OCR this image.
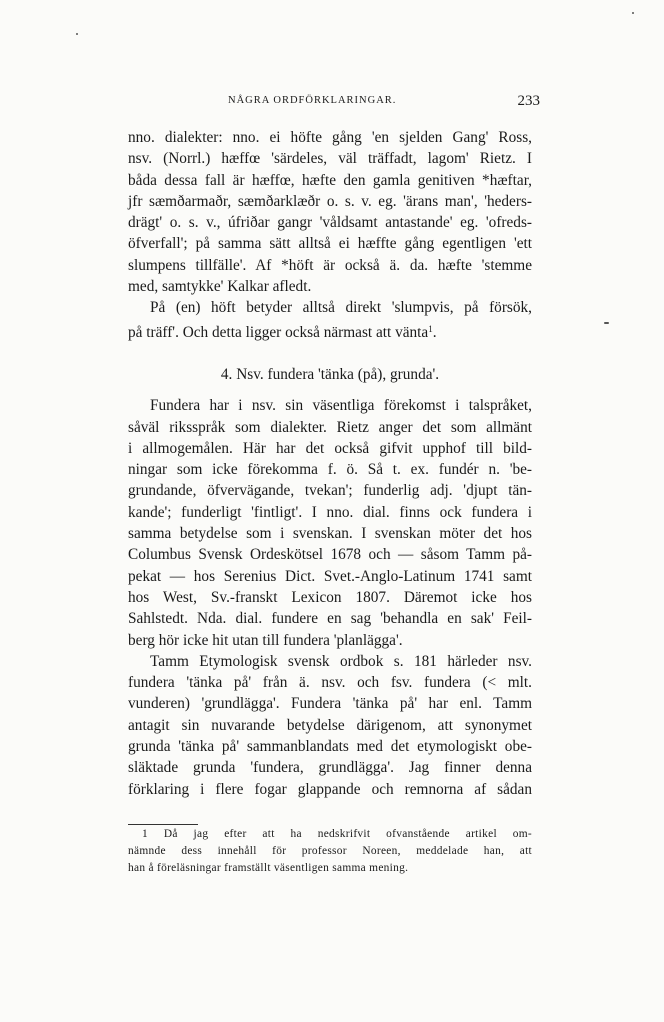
NÅGRA ORDFÖRKLARINGAR.	233
nno. dialekter: nno. ei höfte gång 'en sjelden Gang' Ross,
nsv. (Norrl.) hæffœ 'särdeles, väl träffadt, lagom' Rietz. I
båda dessa fall är hæffœ, hæfte den gamla genitiven *hæftar,
jfr sæmðarmaðr, sæmðarklæðr o. s. v. eg. 'ärans man', 'heders-
drägt' o. s. v., úfriðar gangr 'våldsamt antastande' eg. 'ofreds-
öfverfall'; på samma sätt alltså ei hæffte gång egentligen 'ett
slumpens tillfälle'. Af *höft är också ä. da. hæfte 'stemme
med, samtykke' Kalkar afledt.
På (en) höft betyder alltså direkt 'slumpvis, på försök,
på träff'. Och detta ligger också närmast att vänta$^1$.
4. Nsv. fundera 'tänka (på), grunda'.
Fundera har i nsv. sin väsentliga förekomst i talspråket,
såväl riksspråk som dialekter. Rietz anger det som allmänt
i allmogemålen. Här har det också gifvit upphof till bild-
ningar som icke förekomma f. ö. Så t. ex. fundér n. 'be-
grundande, öfvervägande, tvekan'; funderlig adj. 'djupt tän-
kande'; funderligt 'fintligt'. I nno. dial. finns ock fundera i
samma betydelse som i svenskan. I svenskan möter det hos
Columbus Svensk Ordeskötsel 1678 och — såsom Tamm på-
pekat — hos Serenius Dict. Svet.-Anglo-Latinum 1741 samt
hos West, Sv.-franskt Lexicon 1807. Däremot icke hos
Sahlstedt. Nda. dial. fundere en sag 'behandla en sak' Feil-
berg hör icke hit utan till fundera 'planlägga'.
Tamm Etymologisk svensk ordbok s. 181 härleder nsv.
fundera 'tänka på' från ä. nsv. och fsv. fundera (< mlt.
vunderen) 'grundlägga'. Fundera 'tänka på' har enl. Tamm
antagit sin nuvarande betydelse därigenom, att synonymet
grunda 'tänka på' sammanblandats med det etymologiskt obe-
släktade grunda 'fundera, grundlägga'. Jag finner denna
förklaring i flere fogar glappande och remnorna af sådan
1 Då jag efter att ha nedskrifvit ofvanstående artikel om-
nämnde dess innehåll för professor Noreen, meddelade han, att
han å föreläsningar framställt väsentligen samma mening.
